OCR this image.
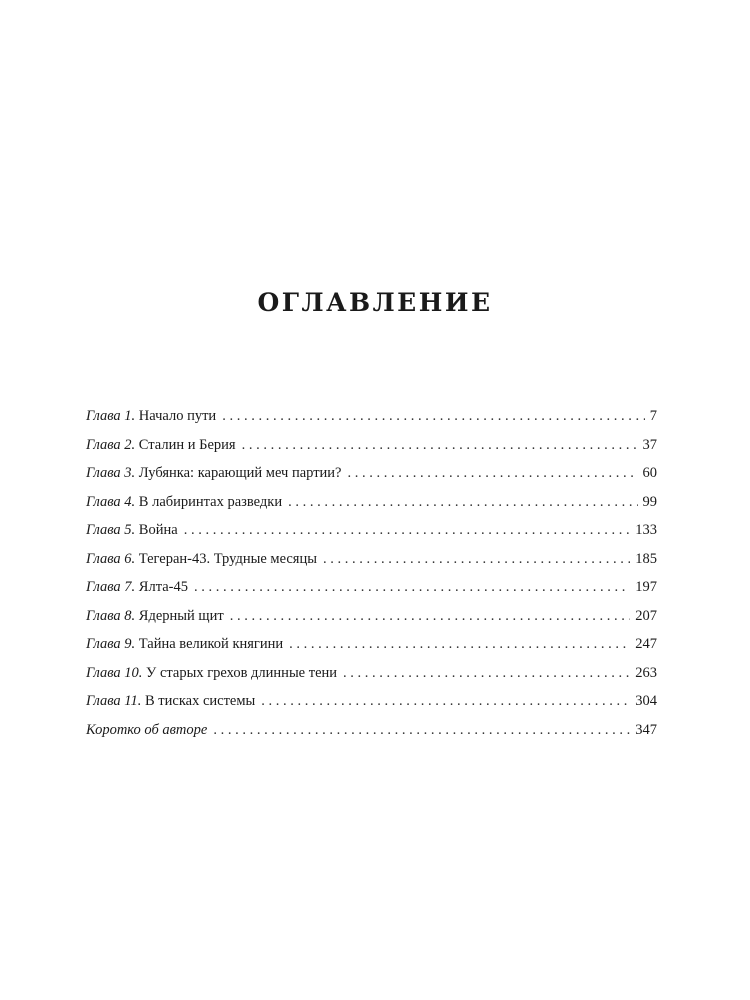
ОГЛАВЛЕНИЕ
Глава 1. Начало пути . . .	7
Глава 2. Сталин и Берия . . .	37
Глава 3. Лубянка: карающий меч партии? . . .	60
Глава 4. В лабиринтах разведки . . .	99
Глава 5. Война . . .	133
Глава 6. Тегеран-43. Трудные месяцы . . .	185
Глава 7. Ялта-45 . . .	197
Глава 8. Ядерный щит . . .	207
Глава 9. Тайна великой княгини . . .	247
Глава 10. У старых грехов длинные тени . . .	263
Глава 11. В тисках системы . . .	304
Коротко об авторе . . .	347
